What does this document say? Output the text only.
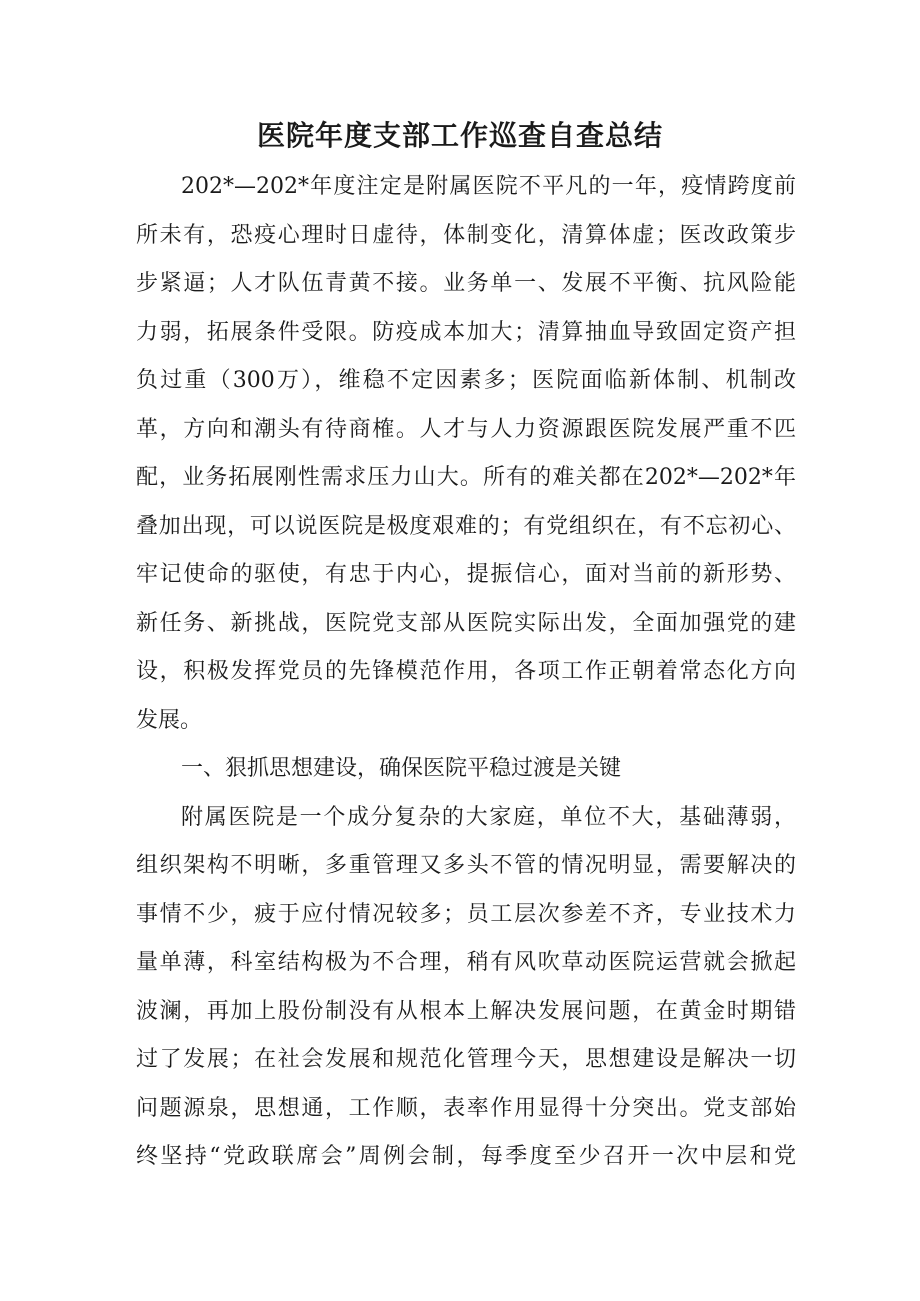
医院年度支部工作巡查自查总结
202*—202*年度注定是附属医院不平凡的一年，疫情跨度前
所未有，恐疫心理时日虚待，体制变化，清算体虚；医改政策步
步紧逼；人才队伍青黄不接。业务单一、发展不平衡、抗风险能
力弱，拓展条件受限。防疫成本加大；清算抽血导致固定资产担
负过重（300万），维稳不定因素多；医院面临新体制、机制改
革，方向和潮头有待商榷。人才与人力资源跟医院发展严重不匹
配，业务拓展刚性需求压力山大。所有的难关都在202*—202*年
叠加出现，可以说医院是极度艰难的；有党组织在，有不忘初心、
牢记使命的驱使，有忠于内心，提振信心，面对当前的新形势、
新任务、新挑战，医院党支部从医院实际出发，全面加强党的建
设，积极发挥党员的先锋模范作用，各项工作正朝着常态化方向
发展。
一、狠抓思想建设，确保医院平稳过渡是关键
附属医院是一个成分复杂的大家庭，单位不大，基础薄弱，
组织架构不明晰，多重管理又多头不管的情况明显，需要解决的
事情不少，疲于应付情况较多；员工层次参差不齐，专业技术力
量单薄，科室结构极为不合理，稍有风吹草动医院运营就会掀起
波澜，再加上股份制没有从根本上解决发展问题，在黄金时期错
过了发展；在社会发展和规范化管理今天，思想建设是解决一切
问题源泉，思想通，工作顺，表率作用显得十分突出。党支部始
终坚持“党政联席会”周例会制，每季度至少召开一次中层和党
